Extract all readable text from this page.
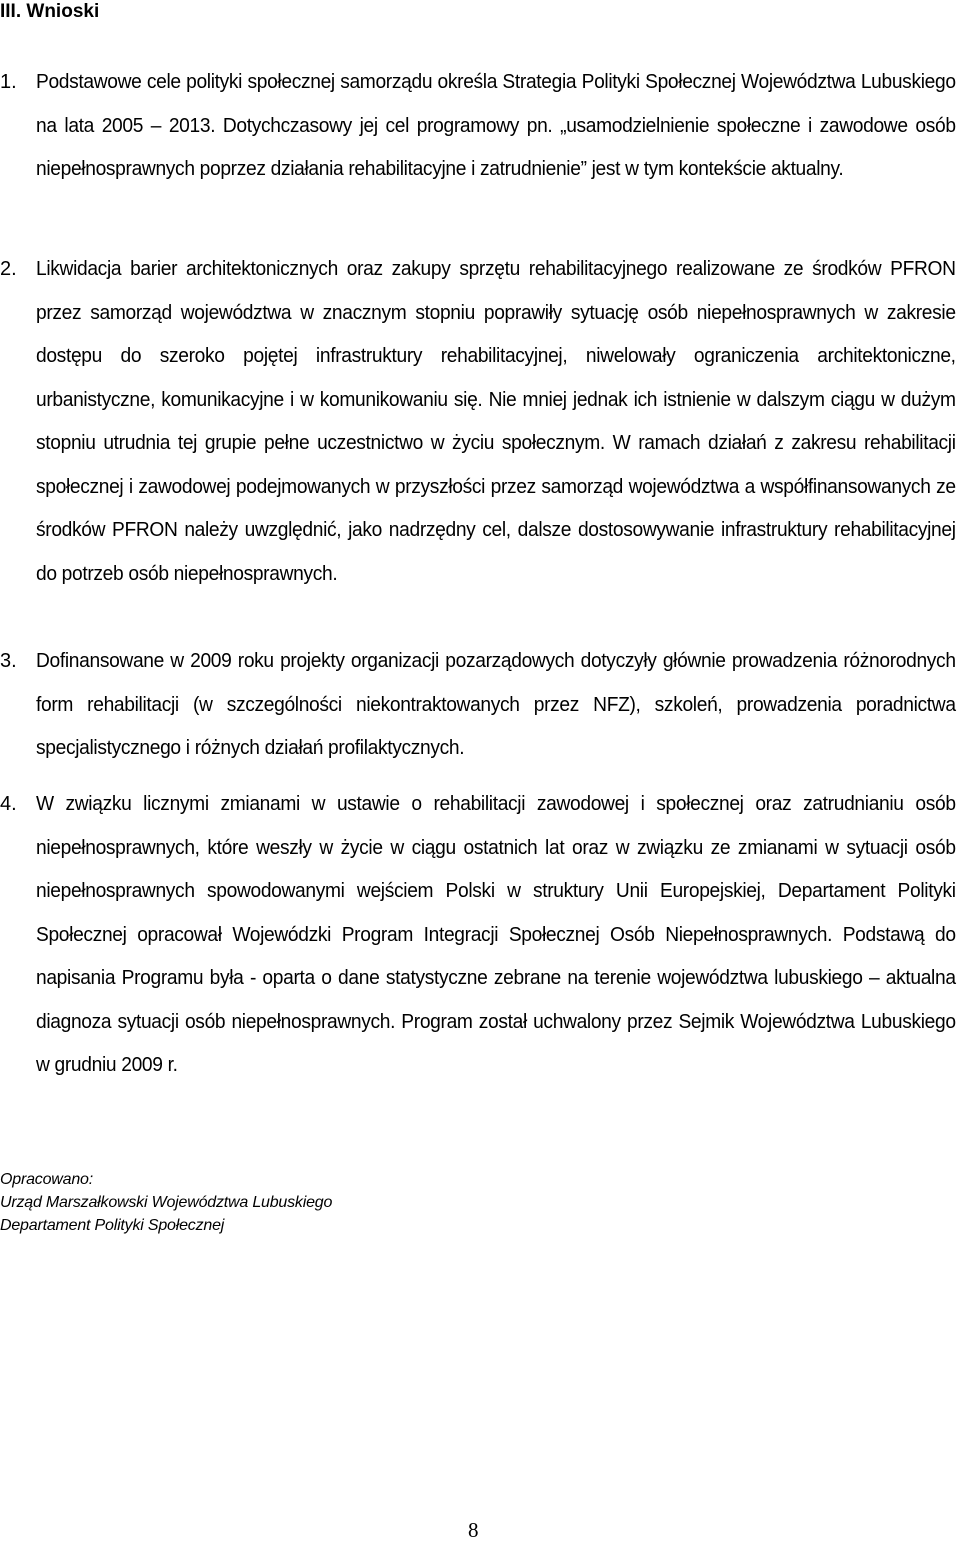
III. Wnioski
1. Podstawowe cele polityki społecznej samorządu określa Strategia Polityki Społecznej Województwa Lubuskiego na lata 2005 – 2013. Dotychczasowy jej cel programowy pn. „usamodzielnienie społeczne i zawodowe osób niepełnosprawnych poprzez działania rehabilitacyjne i zatrudnienie” jest w tym kontekście aktualny.
2. Likwidacja barier architektonicznych oraz zakupy sprzętu rehabilitacyjnego realizowane ze środków PFRON przez samorząd województwa w znacznym stopniu poprawiły sytuację osób niepełnosprawnych w zakresie dostępu do szeroko pojętej infrastruktury rehabilitacyjnej, niwelowały ograniczenia architektoniczne, urbanistyczne, komunikacyjne i w komunikowaniu się. Nie mniej jednak ich istnienie w dalszym ciągu w dużym stopniu utrudnia tej grupie pełne uczestnictwo w życiu społecznym. W ramach działań z zakresu rehabilitacji społecznej i zawodowej podejmowanych w przyszłości przez samorząd województwa a współfinansowanych ze środków PFRON należy uwzględnić, jako nadrzędny cel, dalsze dostosowywanie infrastruktury rehabilitacyjnej do potrzeb osób niepełnosprawnych.
3. Dofinansowane w 2009 roku projekty organizacji pozarządowych dotyczyły głównie prowadzenia różnorodnych form rehabilitacji (w szczególności niekontraktowanych przez NFZ), szkoleń, prowadzenia poradnictwa specjalistycznego i różnych działań profilaktycznych.
4. W związku licznymi zmianami w ustawie o rehabilitacji zawodowej i społecznej oraz zatrudnianiu osób niepełnosprawnych, które weszły w życie w ciągu ostatnich lat oraz w związku ze zmianami w sytuacji osób niepełnosprawnych spowodowanymi wejściem Polski w struktury Unii Europejskiej, Departament Polityki Społecznej opracował Wojewódzki Program Integracji Społecznej Osób Niepełnosprawnych. Podstawą do napisania Programu była - oparta o dane statystyczne zebrane na terenie województwa lubuskiego – aktualna diagnoza sytuacji osób niepełnosprawnych. Program został uchwalony przez Sejmik Województwa Lubuskiego w grudniu 2009 r.
Opracowano:
Urząd Marszałkowski Województwa Lubuskiego
Departament Polityki Społecznej
8
